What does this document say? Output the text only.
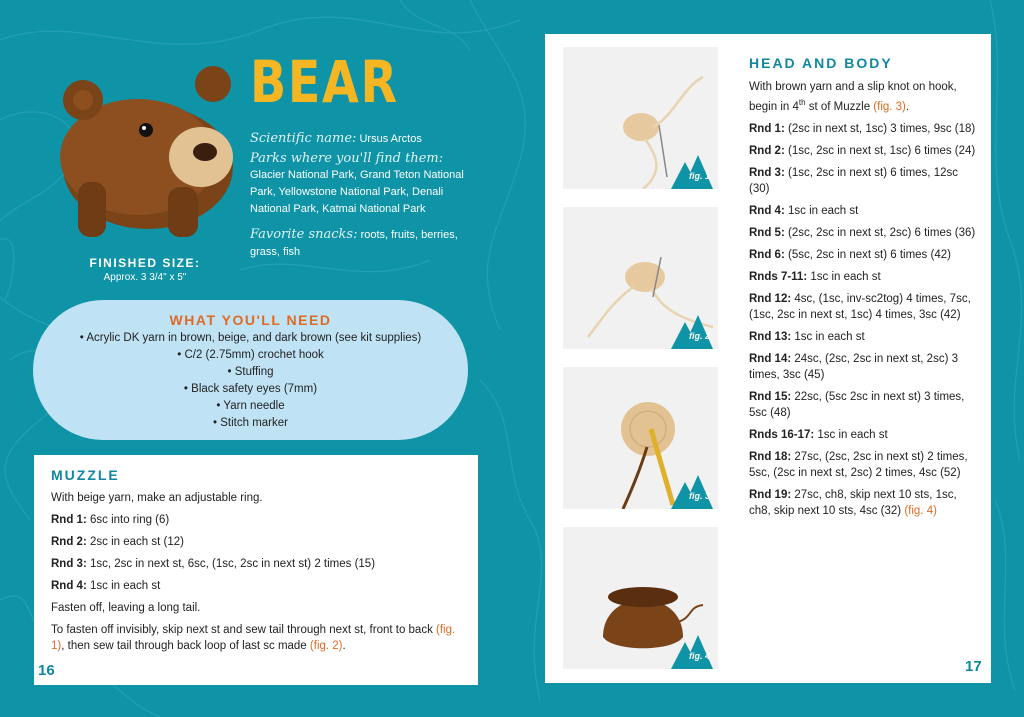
BEAR
Scientific name: Ursus Arctos
Parks where you'll find them:
Glacier National Park, Grand Teton National Park, Yellowstone National Park, Denali National Park, Katmai National Park
Favorite snacks: roots, fruits, berries, grass, fish
FINISHED SIZE:
Approx. 3 3/4" x 5"
WHAT YOU'LL NEED
• Acrylic DK yarn in brown, beige, and dark brown (see kit supplies)
• C/2 (2.75mm) crochet hook
• Stuffing
• Black safety eyes (7mm)
• Yarn needle
• Stitch marker
MUZZLE
With beige yarn, make an adjustable ring.
Rnd 1: 6sc into ring (6)
Rnd 2: 2sc in each st (12)
Rnd 3: 1sc, 2sc in next st, 6sc, (1sc, 2sc in next st) 2 times (15)
Rnd 4: 1sc in each st
Fasten off, leaving a long tail.
To fasten off invisibly, skip next st and sew tail through next st, front to back (fig. 1), then sew tail through back loop of last sc made (fig. 2).
16
fig. 1
fig. 2
fig. 3
fig. 4
HEAD AND BODY
With brown yarn and a slip knot on hook, begin in 4th st of Muzzle (fig. 3).
Rnd 1: (2sc in next st, 1sc) 3 times, 9sc (18)
Rnd 2: (1sc, 2sc in next st, 1sc) 6 times (24)
Rnd 3: (1sc, 2sc in next st) 6 times, 12sc (30)
Rnd 4: 1sc in each st
Rnd 5: (2sc, 2sc in next st, 2sc) 6 times (36)
Rnd 6: (5sc, 2sc in next st) 6 times (42)
Rnds 7-11: 1sc in each st
Rnd 12: 4sc, (1sc, inv-sc2tog) 4 times, 7sc, (1sc, 2sc in next st, 1sc) 4 times, 3sc (42)
Rnd 13: 1sc in each st
Rnd 14: 24sc, (2sc, 2sc in next st, 2sc) 3 times, 3sc (45)
Rnd 15: 22sc, (5sc 2sc in next st) 3 times, 5sc (48)
Rnds 16-17: 1sc in each st
Rnd 18: 27sc, (2sc, 2sc in next st) 2 times, 5sc, (2sc in next st, 2sc) 2 times, 4sc (52)
Rnd 19: 27sc, ch8, skip next 10 sts, 1sc, ch8, skip next 10 sts, 4sc (32) (fig. 4)
17
